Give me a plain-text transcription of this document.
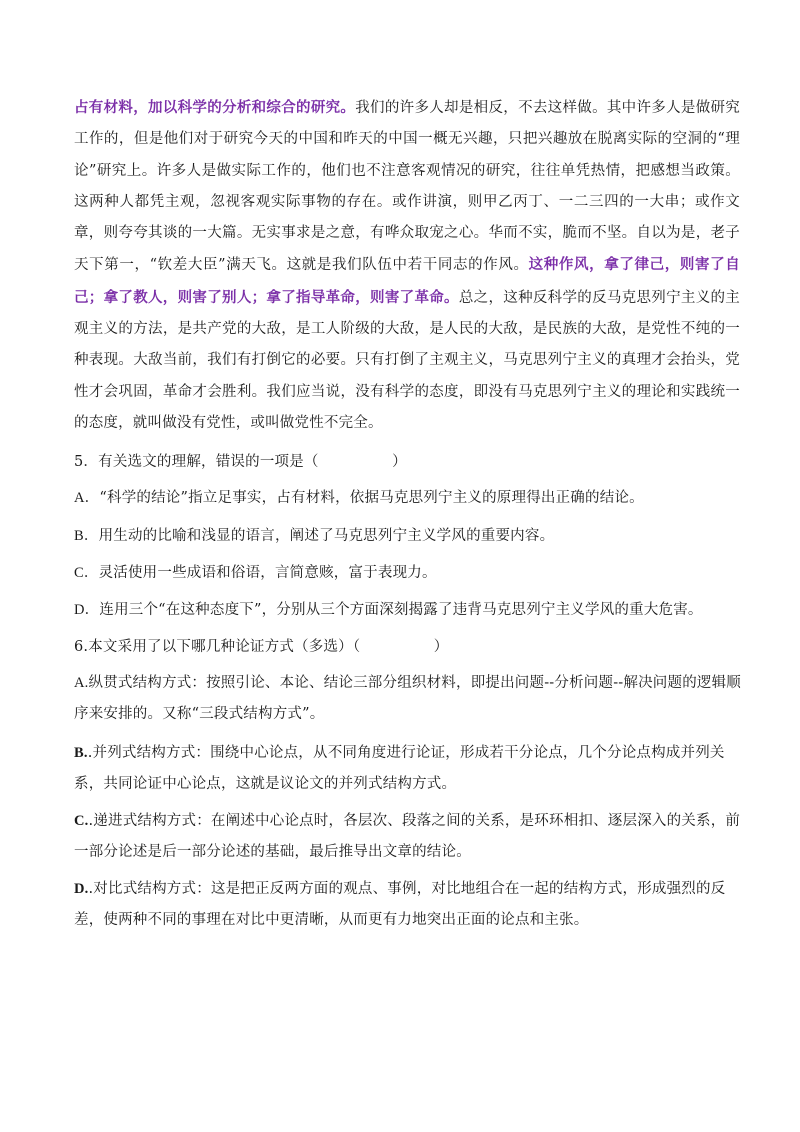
占有材料，加以科学的分析和综合的研究。我们的许多人却是相反，不去这样做。其中许多人是做研究工作的，但是他们对于研究今天的中国和昨天的中国一概无兴趣，只把兴趣放在脱离实际的空洞的“理论”研究上。许多人是做实际工作的，他们也不注意客观情况的研究，往往单凭热情，把感想当政策。这两种人都凭主观，忽视客观实际事物的存在。或作讲演，则甲乙丙丁、一二三四的一大串；或作文章，则夸夸其谈的一大篇。无实事求是之意，有哗众取宠之心。华而不实，脆而不坚。自以为是，老子天下第一，“钦差大臣”满天飞。这就是我们队伍中若干同志的作风。这种作风，拿了律己，则害了自己；拿了教人，则害了别人；拿了指导革命，则害了革命。总之，这种反科学的反马克思列宁主义的主观主义的方法，是共产党的大敌，是工人阶级的大敌，是人民的大敌，是民族的大敌，是党性不纯的一种表现。大敌当前，我们有打倒它的必要。只有打倒了主观主义，马克思列宁主义的真理才会抬头，党性才会巩固，革命才会胜利。我们应当说，没有科学的态度，即没有马克思列宁主义的理论和实践统一的态度，就叫做没有党性，或叫做党性不完全。

5．有关选文的理解，错误的一项是（　　　　　）

A．“科学的结论”指立足事实，占有材料，依据马克思列宁主义的原理得出正确的结论。

B．用生动的比喻和浅显的语言，阐述了马克思列宁主义学风的重要内容。

C．灵活使用一些成语和俗语，言简意赅，富于表现力。

D．连用三个“在这种态度下”，分别从三个方面深刻揭露了违背马克思列宁主义学风的重大危害。

6.本文采用了以下哪几种论证方式（多选）（　　　　　）

A.纵贯式结构方式：按照引论、本论、结论三部分组织材料，即提出问题--分析问题--解决问题的逻辑顺序来安排的。又称“三段式结构方式”。

B..并列式结构方式：围绕中心论点，从不同角度进行论证，形成若干分论点，几个分论点构成并列关系，共同论证中心论点，这就是议论文的并列式结构方式。

C..递进式结构方式：在阐述中心论点时，各层次、段落之间的关系，是环环相扣、逐层深入的关系，前一部分论述是后一部分论述的基础，最后推导出文章的结论。

D..对比式结构方式：这是把正反两方面的观点、事例，对比地组合在一起的结构方式，形成强烈的反差，使两种不同的事理在对比中更清晰，从而更有力地突出正面的论点和主张。
